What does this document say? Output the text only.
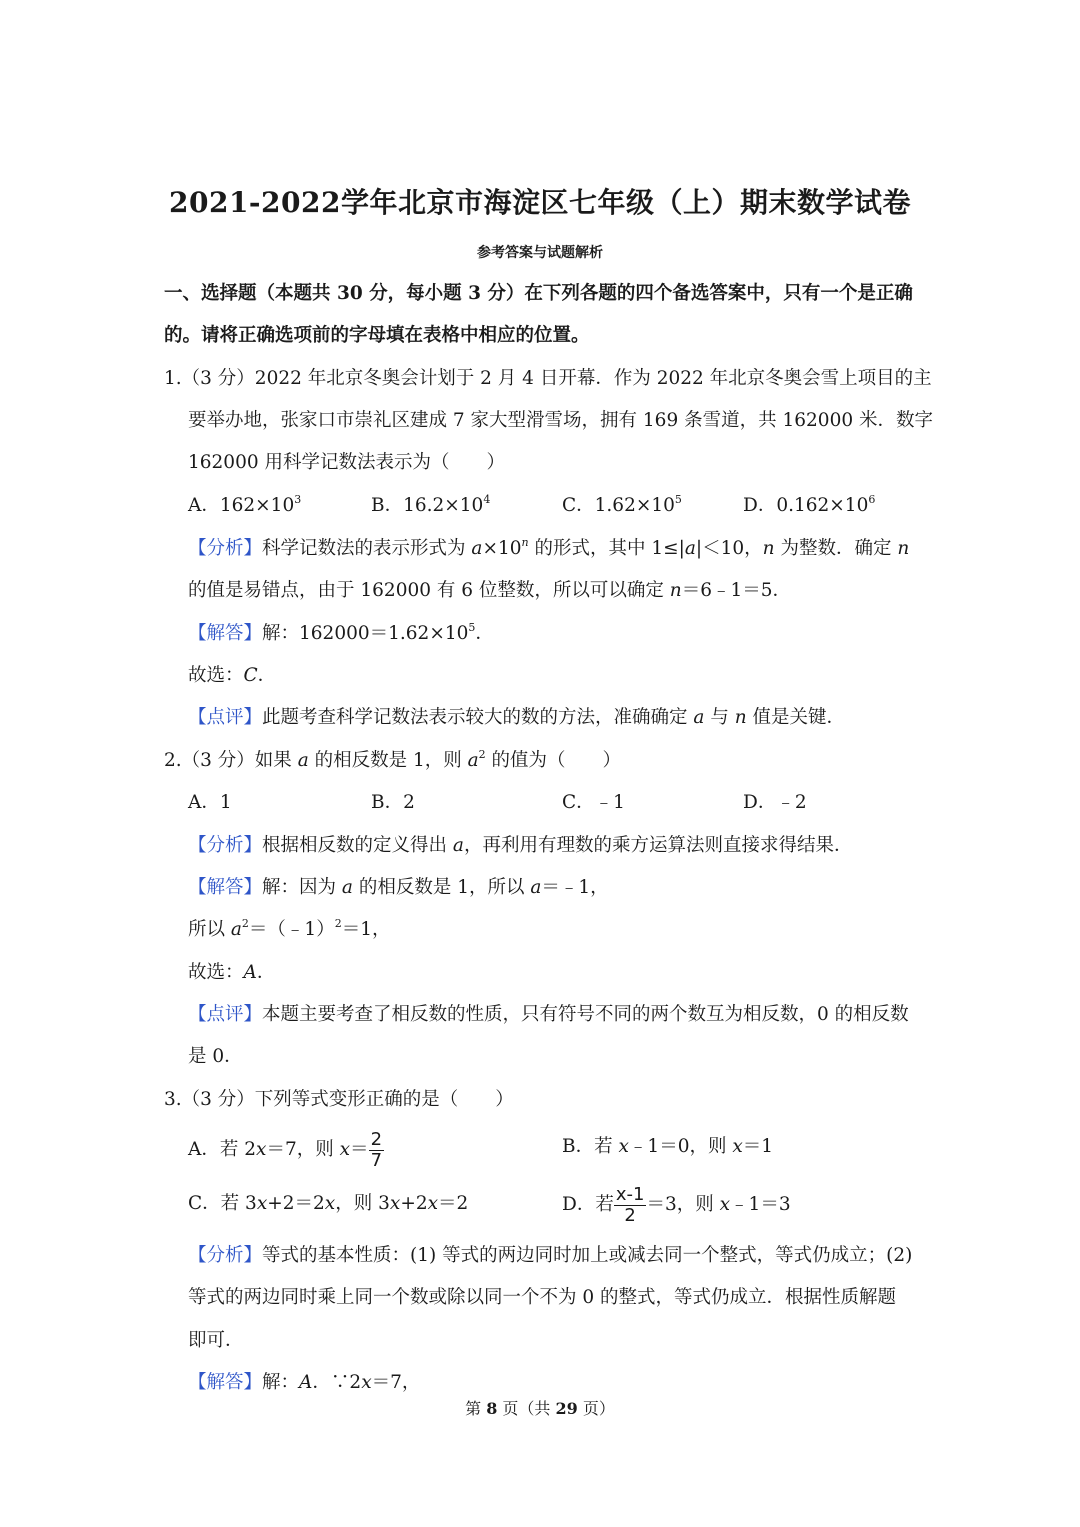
2021-2022学年北京市海淀区七年级（上）期末数学试卷
参考答案与试题解析
一、选择题（本题共 30 分，每小题 3 分）在下列各题的四个备选答案中，只有一个是正确
的。请将正确选项前的字母填在表格中相应的位置。
1.（3 分）2022 年北京冬奥会计划于 2 月 4 日开幕．作为 2022 年北京冬奥会雪上项目的主
要举办地，张家口市崇礼区建成 7 家大型滑雪场，拥有 169 条雪道，共 162000 米．数字
162000 用科学记数法表示为（　　）
A．$162\times 10^3$	B．$16.2\times 10^4$	C．$1.62\times 10^5$	D．$0.162\times 10^6$
【分析】科学记数法的表示形式为 $a\times 10^n$ 的形式，其中 1≤|a|＜10，n 为整数．确定 n
的值是易错点，由于 162000 有 6 位整数，所以可以确定 n＝6﹣1＝5．
【解答】解：$162000=1.62\times 10^5$．
故选：C．
【点评】此题考查科学记数法表示较大的数的方法，准确确定 a 与 n 值是关键．
2.（3 分）如果 a 的相反数是 1，则 $a^2$ 的值为（　　）
A．1	B．2	C．﹣1	D．﹣2
【分析】根据相反数的定义得出 a，再利用有理数的乘方运算法则直接求得结果．
【解答】解：因为 a 的相反数是 1，所以 a＝﹣1，
所以 $a^2=(﹣1)^2=1$，
故选：A．
【点评】本题主要考查了相反数的性质，只有符号不同的两个数互为相反数，0 的相反数
是 0．
3.（3 分）下列等式变形正确的是（　　）
A．若 2x＝7，则 $x= \frac{2}{7}$	B．若 x﹣1＝0，则 x＝1
C．若 3x+2＝2x，则 3x+2x＝2	D．若 $\frac{x-1}{2} =3$，则 x﹣1＝3
【分析】等式的基本性质：(1) 等式的两边同时加上或减去同一个整式，等式仍成立；(2)
等式的两边同时乘上同一个数或除以同一个不为 0 的整式，等式仍成立．根据性质解题
即可．
【解答】解：A．∵2x＝7，
第 8 页（共 29 页）
